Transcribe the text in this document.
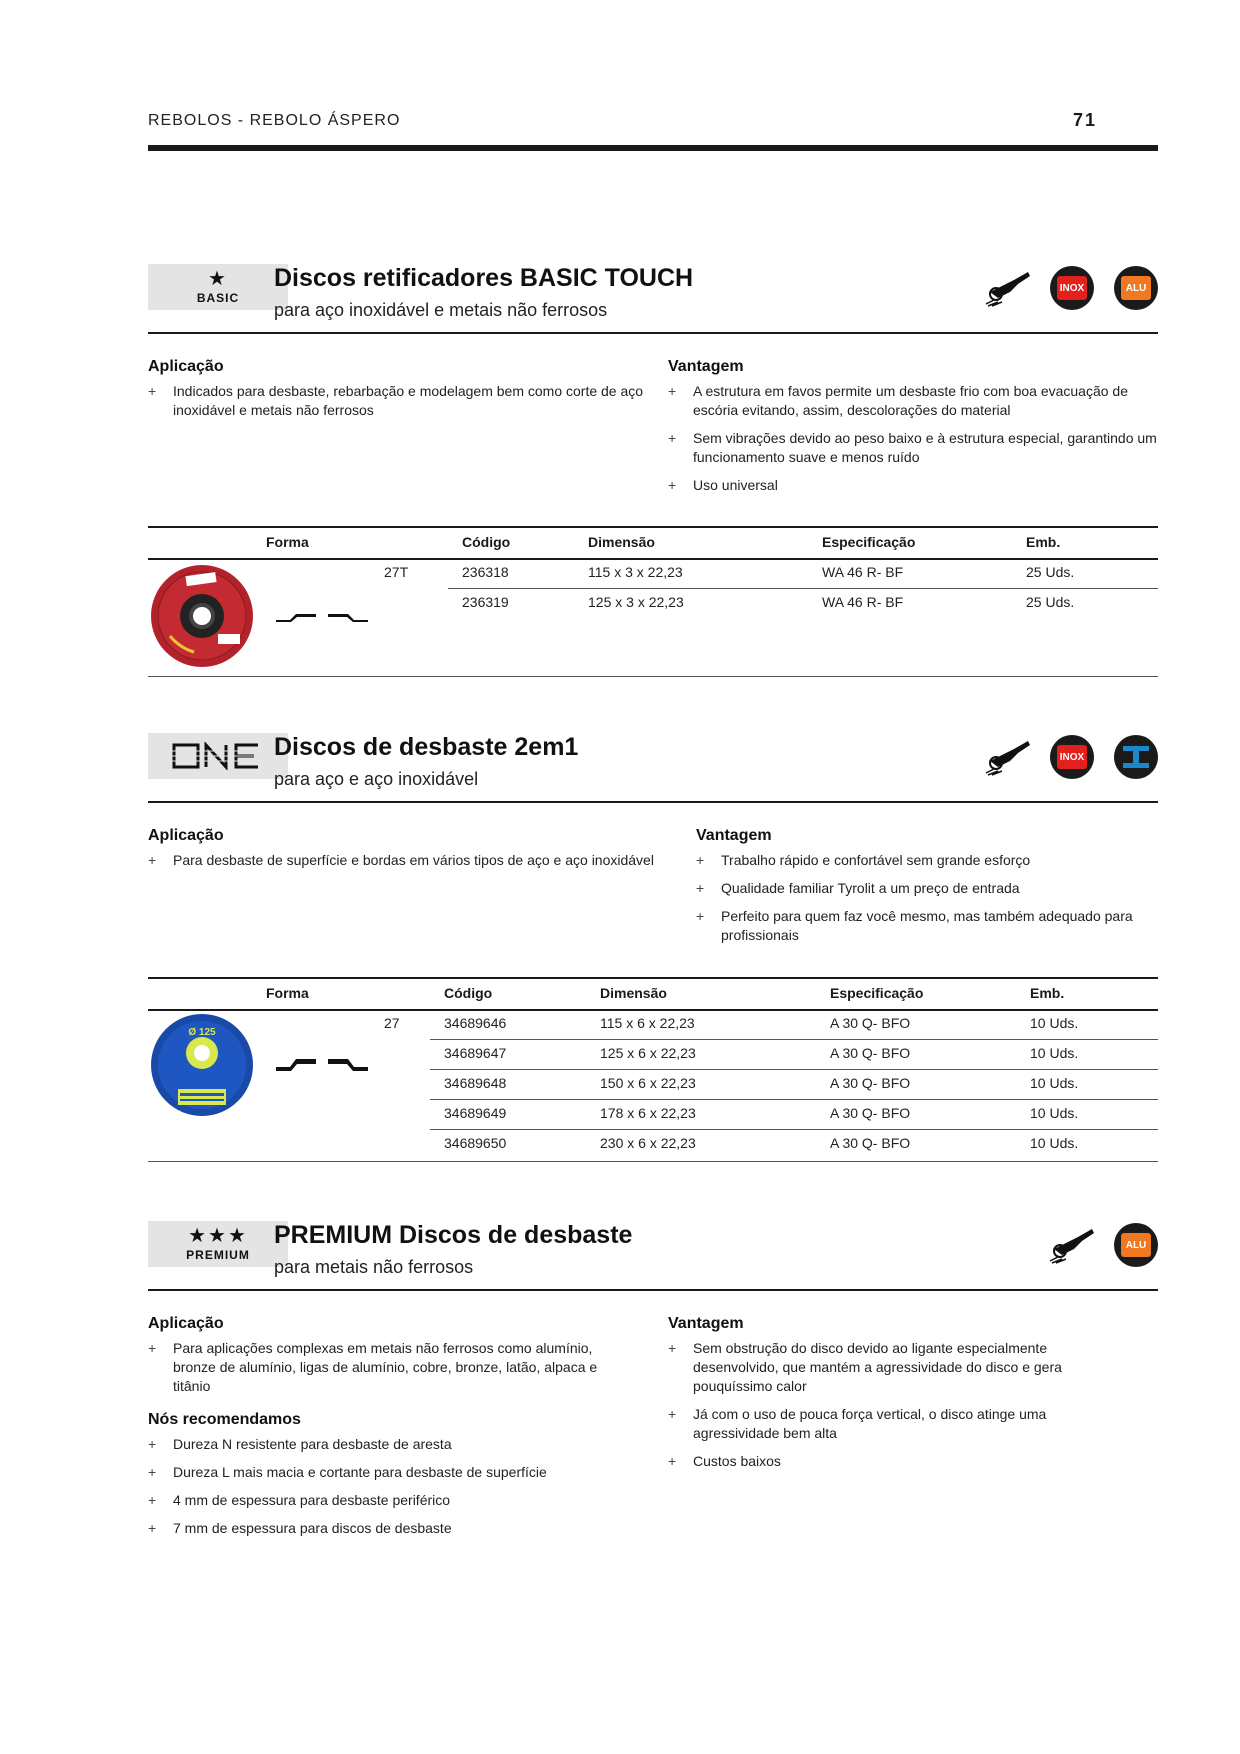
REBOLOS - REBOLO ÁSPERO	71
★
BASIC
Discos retificadores BASIC TOUCH
para aço inoxidável e metais não ferrosos
INOX	ALU
Aplicação
+ Indicados para desbaste, rebarbação e modelagem bem como corte de aço inoxidável e metais não ferrosos
Vantagem
+ A estrutura em favos permite um desbaste frio com boa evacuação de escória evitando, assim, descolorações do material
+ Sem vibrações devido ao peso baixo e à estrutura especial, garantindo um funcionamento suave e menos ruído
+ Uso universal
Forma	Código	Dimensão	Especificação	Emb.
27T	236318	115 x 3 x 22,23	WA 46 R- BF	25 Uds.
236319	125 x 3 x 22,23	WA 46 R- BF	25 Uds.
Discos de desbaste 2em1
para aço e aço inoxidável
INOX
Aplicação
+ Para desbaste de superfície e bordas em vários tipos de aço e aço inoxidável
Vantagem
+ Trabalho rápido e confortável sem grande esforço
+ Qualidade familiar Tyrolit a um preço de entrada
+ Perfeito para quem faz você mesmo, mas também adequado para profissionais
Forma	Código	Dimensão	Especificação	Emb.
Ø 125
27	34689646	115 x 6 x 22,23	A 30 Q- BFO	10 Uds.
34689647	125 x 6 x 22,23	A 30 Q- BFO	10 Uds.
34689648	150 x 6 x 22,23	A 30 Q- BFO	10 Uds.
34689649	178 x 6 x 22,23	A 30 Q- BFO	10 Uds.
34689650	230 x 6 x 22,23	A 30 Q- BFO	10 Uds.
★★★
PREMIUM
PREMIUM Discos de desbaste
para metais não ferrosos
ALU
Aplicação
+ Para aplicações complexas em metais não ferrosos como alumínio, bronze de alumínio, ligas de alumínio, cobre, bronze, latão, alpaca e titânio
Nós recomendamos
+ Dureza N resistente para desbaste de aresta
+ Dureza L mais macia e cortante para desbaste de superfície
+ 4 mm de espessura para desbaste periférico
+ 7 mm de espessura para discos de desbaste
Vantagem
+ Sem obstrução do disco devido ao ligante especialmente desenvolvido, que mantém a agressividade do disco e gera pouquíssimo calor
+ Já com o uso de pouca força vertical, o disco atinge uma agressividade bem alta
+ Custos baixos
